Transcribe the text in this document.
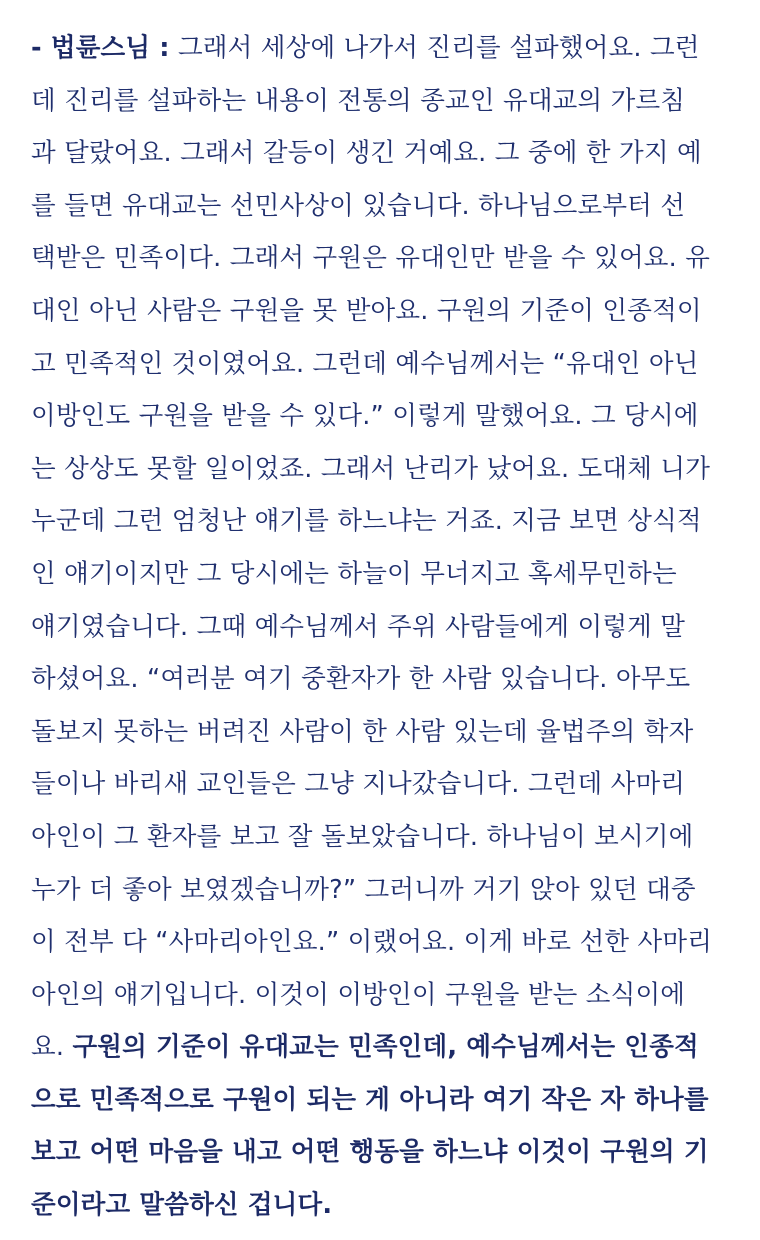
- 법륜스님 : 그래서 세상에 나가서 진리를 설파했어요. 그런
데 진리를 설파하는 내용이 전통의 종교인 유대교의 가르침
과 달랐어요. 그래서 갈등이 생긴 거예요. 그 중에 한 가지 예
를 들면 유대교는 선민사상이 있습니다. 하나님으로부터 선
택받은 민족이다. 그래서 구원은 유대인만 받을 수 있어요. 유
대인 아닌 사람은 구원을 못 받아요. 구원의 기준이 인종적이
고 민족적인 것이였어요. 그런데 예수님께서는 “유대인 아닌
이방인도 구원을 받을 수 있다.” 이렇게 말했어요. 그 당시에
는 상상도 못할 일이었죠. 그래서 난리가 났어요. 도대체 니가
누군데 그런 엄청난 얘기를 하느냐는 거죠. 지금 보면 상식적
인 얘기이지만 그 당시에는 하늘이 무너지고 혹세무민하는
얘기였습니다. 그때 예수님께서 주위 사람들에게 이렇게 말
하셨어요. “여러분 여기 중환자가 한 사람 있습니다. 아무도
돌보지 못하는 버려진 사람이 한 사람 있는데 율법주의 학자
들이나 바리새 교인들은 그냥 지나갔습니다. 그런데 사마리
아인이 그 환자를 보고 잘 돌보았습니다. 하나님이 보시기에
누가 더 좋아 보였겠습니까?” 그러니까 거기 앉아 있던 대중
이 전부 다 “사마리아인요.” 이랬어요. 이게 바로 선한 사마리
아인의 얘기입니다. 이것이 이방인이 구원을 받는 소식이에
요. 구원의 기준이 유대교는 민족인데, 예수님께서는 인종적
으로 민족적으로 구원이 되는 게 아니라 여기 작은 자 하나를
보고 어떤 마음을 내고 어떤 행동을 하느냐 이것이 구원의 기
준이라고 말씀하신 겁니다.
